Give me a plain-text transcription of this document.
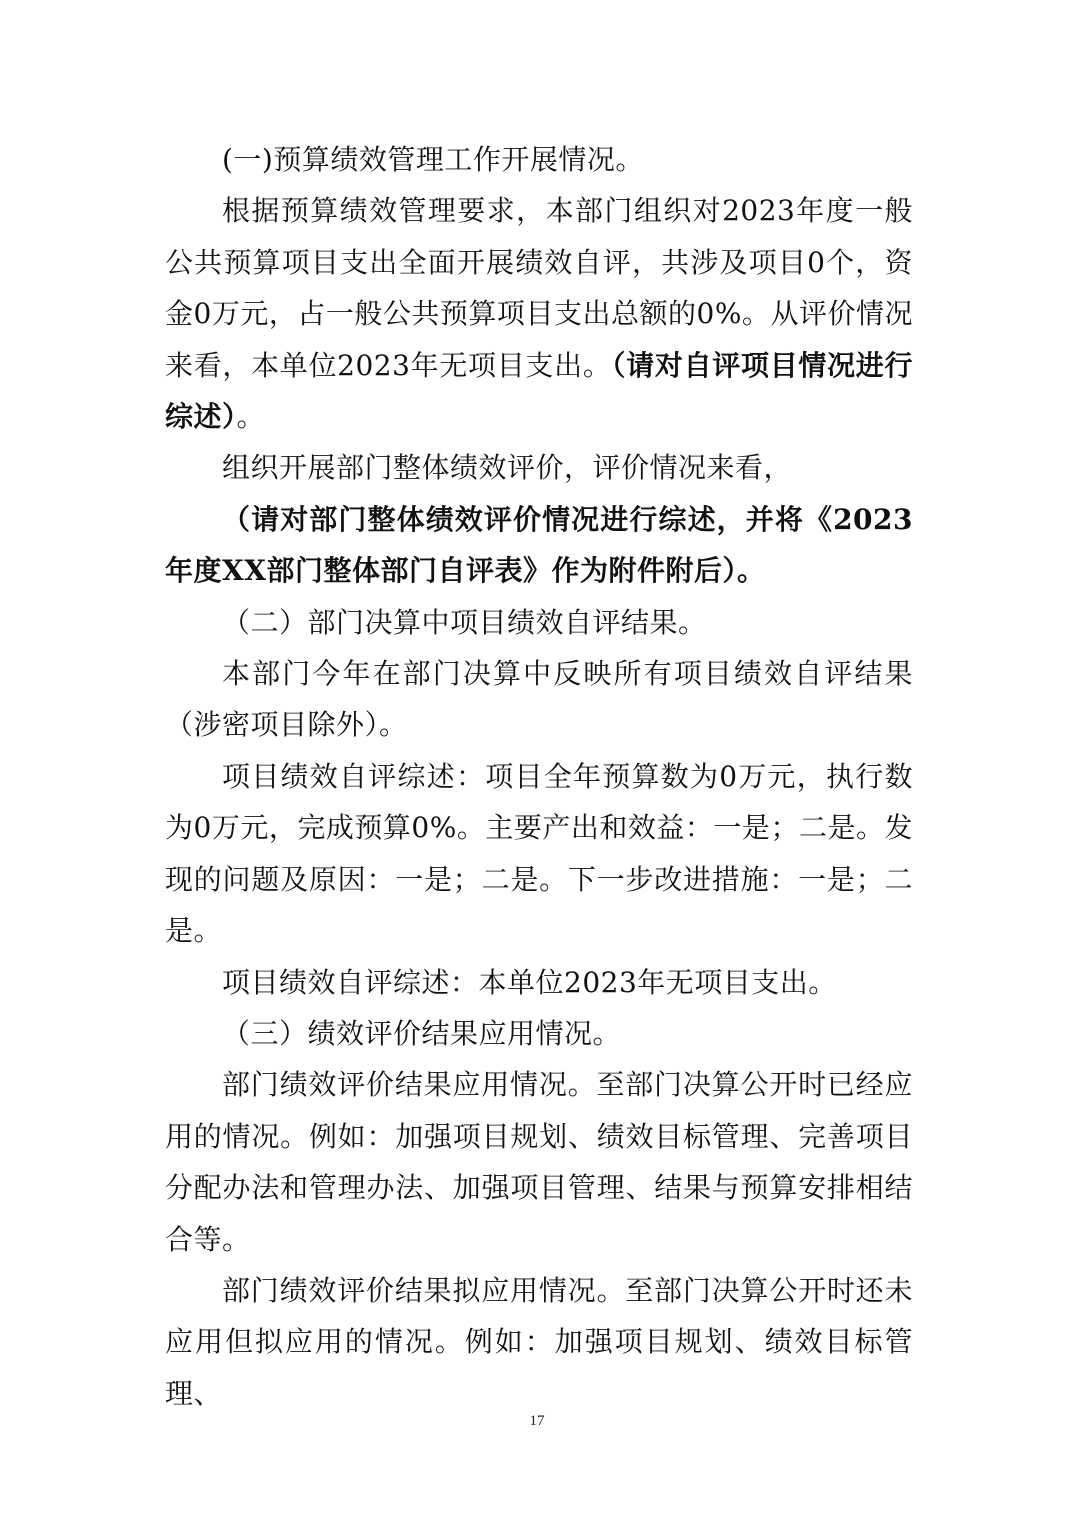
(一)预算绩效管理工作开展情况。

根据预算绩效管理要求，本部门组织对2023年度一般公共预算项目支出全面开展绩效自评，共涉及项目0个，资金0万元，占一般公共预算项目支出总额的0%。从评价情况来看，本单位2023年无项目支出。（请对自评项目情况进行综述）。

组织开展部门整体绩效评价，评价情况来看，

（请对部门整体绩效评价情况进行综述，并将《2023年度XX部门整体部门自评表》作为附件附后）。

（二）部门决算中项目绩效自评结果。

本部门今年在部门决算中反映所有项目绩效自评结果（涉密项目除外）。

项目绩效自评综述：项目全年预算数为0万元，执行数为0万元，完成预算0%。主要产出和效益：一是；二是。发现的问题及原因：一是；二是。下一步改进措施：一是；二是。

项目绩效自评综述：本单位2023年无项目支出。

（三）绩效评价结果应用情况。

部门绩效评价结果应用情况。至部门决算公开时已经应用的情况。例如：加强项目规划、绩效目标管理、完善项目分配办法和管理办法、加强项目管理、结果与预算安排相结合等。

部门绩效评价结果拟应用情况。至部门决算公开时还未应用但拟应用的情况。例如：加强项目规划、绩效目标管理、

17
